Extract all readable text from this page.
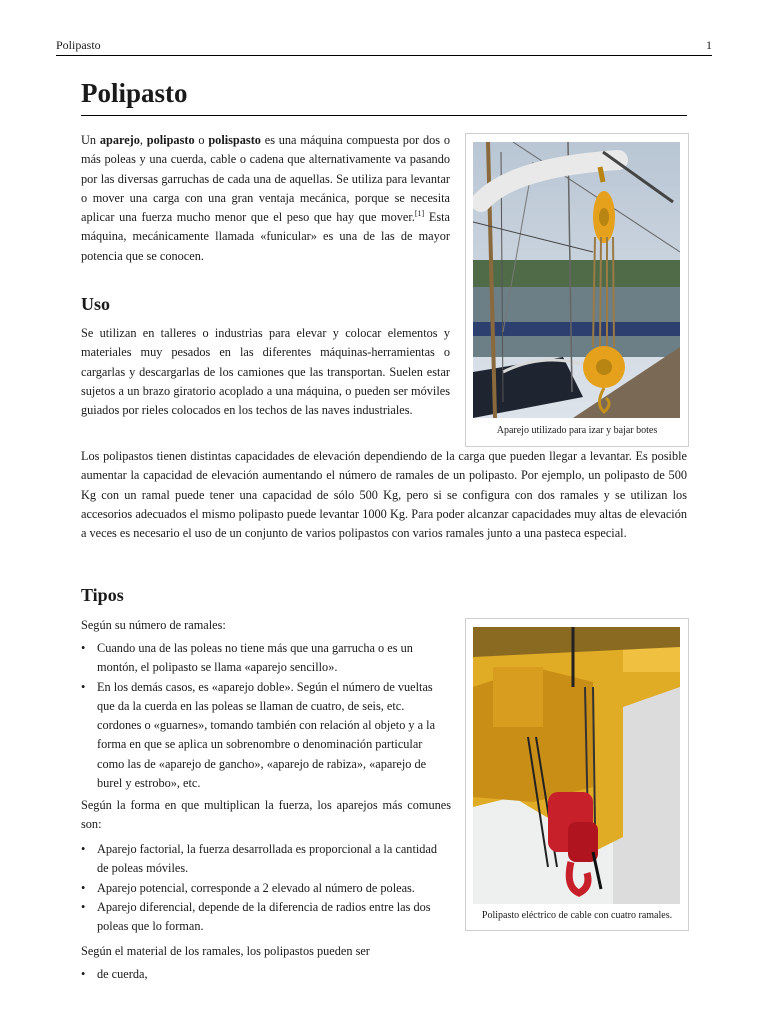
Polipasto	1
Polipasto

Un aparejo, polipasto o polispasto es una máquina compuesta por dos o más poleas y una cuerda, cable o cadena que alternativamente va pasando por las diversas garruchas de cada una de aquellas. Se utiliza para levantar o mover una carga con una gran ventaja mecánica, porque se necesita aplicar una fuerza mucho menor que el peso que hay que mover.[1] Esta máquina, mecánicamente llamada «funicular» es una de las de mayor potencia que se conocen.

Aparejo utilizado para izar y bajar botes
Uso

Se utilizan en talleres o industrias para elevar y colocar elementos y materiales muy pesados en las diferentes máquinas-herramientas o cargarlas y descargarlas de los camiones que las transportan. Suelen estar sujetos a un brazo giratorio acoplado a una máquina, o pueden ser móviles guiados por rieles colocados en los techos de las naves industriales.

Los polipastos tienen distintas capacidades de elevación dependiendo de la carga que pueden llegar a levantar. Es posible aumentar la capacidad de elevación aumentando el número de ramales de un polipasto. Por ejemplo, un polipasto de 500 Kg con un ramal puede tener una capacidad de sólo 500 Kg, pero si se configura con dos ramales y se utilizan los accesorios adecuados el mismo polipasto puede levantar 1000 Kg. Para poder alcanzar capacidades muy altas de elevación a veces es necesario el uso de un conjunto de varios polipastos con varios ramales junto a una pasteca especial.

Tipos

Según su número de ramales:

• Cuando una de las poleas no tiene más que una garrucha o es un montón, el polipasto se llama «aparejo sencillo».
• En los demás casos, es «aparejo doble». Según el número de vueltas que da la cuerda en las poleas se llaman de cuatro, de seis, etc. cordones o «guarnes», tomando también con relación al objeto y a la forma en que se aplica un sobrenombre o denominación particular como las de «aparejo de gancho», «aparejo de rabiza», «aparejo de burel y estrobo», etc.

Según la forma en que multiplican la fuerza, los aparejos más comunes son:

• Aparejo factorial, la fuerza desarrollada es proporcional a la cantidad de poleas móviles.
• Aparejo potencial, corresponde a 2 elevado al número de poleas.
• Aparejo diferencial, depende de la diferencia de radios entre las dos poleas que lo forman.

Según el material de los ramales, los polipastos pueden ser

• de cuerda,
Polipasto eléctrico de cable con cuatro ramales.
